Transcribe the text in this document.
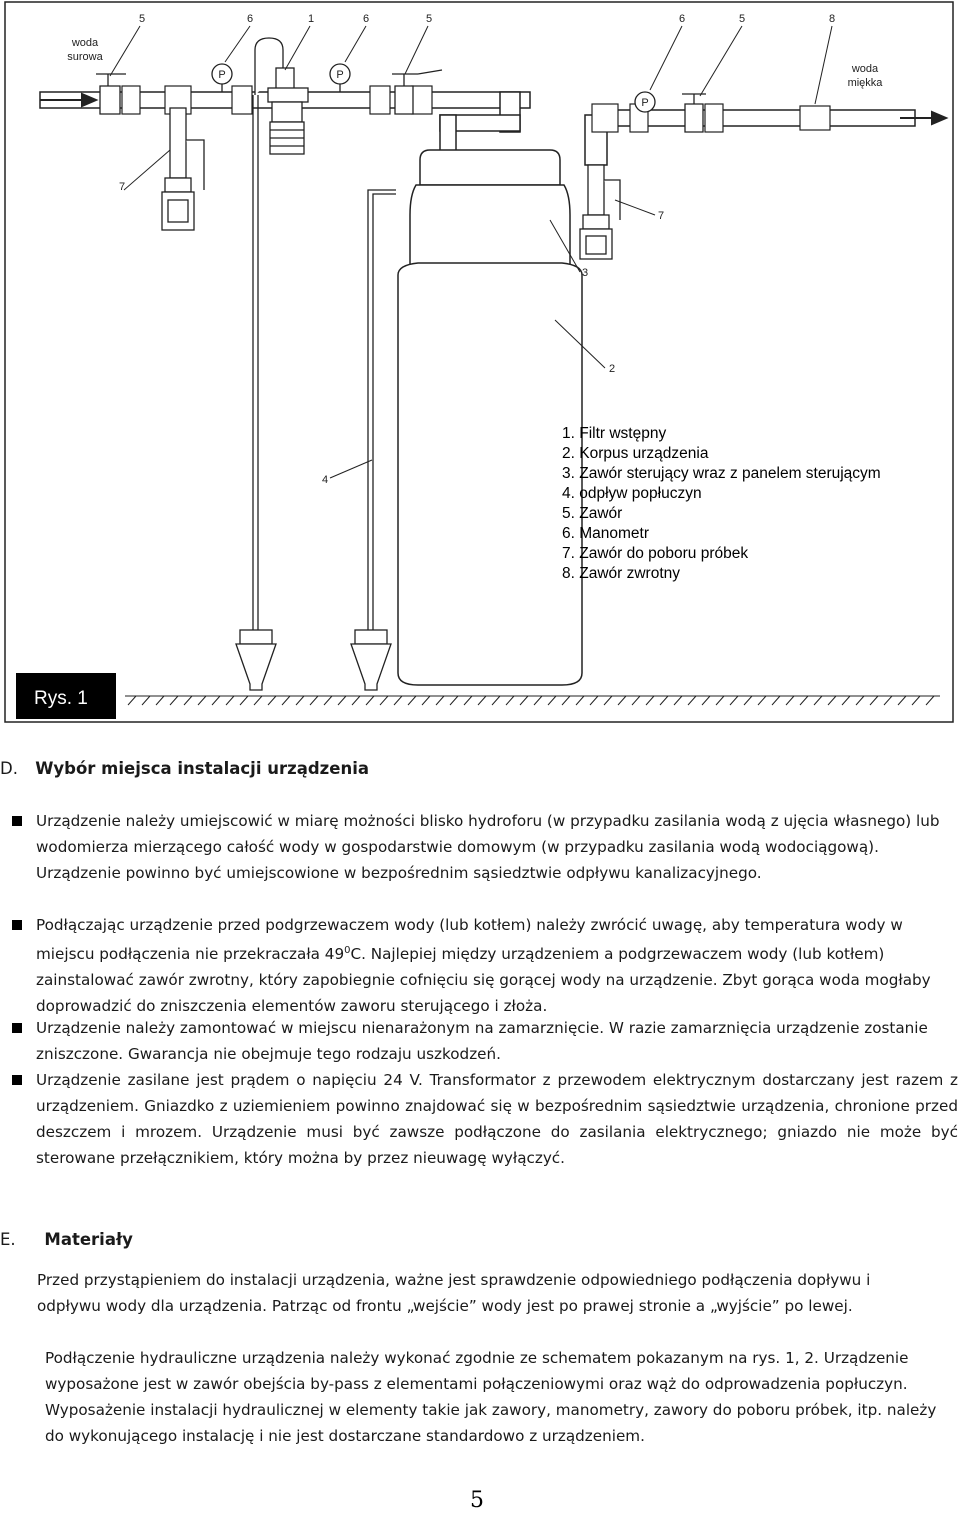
P	P
P
5	6	1	6	5	6	5	8
7
7
3
2
4
woda
surowa
woda
miękka
1. Filtr wstępny
2. Korpus urządzenia
3. Zawór sterujący wraz z panelem sterującym
4. odpływ popłuczyn
5. Zawór
6. Manometr
7. Zawór do poboru próbek
8. Zawór zwrotny
Rys. 1
D. Wybór miejsca instalacji urządzenia
Urządzenie należy umiejscowić w miarę możności blisko hydroforu (w przypadku zasilania wodą z ujęcia własnego) lub wodomierza mierzącego całość wody w gospodarstwie domowym (w przypadku zasilania wodą wodociągową). Urządzenie powinno być umiejscowione w bezpośrednim sąsiedztwie odpływu kanalizacyjnego.
Podłączając urządzenie przed podgrzewaczem wody (lub kotłem) należy zwrócić uwagę, aby temperatura wody w miejscu podłączenia nie przekraczała $49^0C$. Najlepiej między urządzeniem a podgrzewaczem wody (lub kotłem) zainstalować zawór zwrotny, który zapobiegnie cofnięciu się gorącej wody na urządzenie. Zbyt gorąca woda mogłaby doprowadzić do zniszczenia elementów zaworu sterującego i złoża.
Urządzenie należy zamontować w miejscu nienarażonym na zamarznięcie. W razie zamarznięcia urządzenie zostanie zniszczone. Gwarancja nie obejmuje tego rodzaju uszkodzeń.
Urządzenie zasilane jest prądem o napięciu 24 V. Transformator z przewodem elektrycznym dostarczany jest razem z urządzeniem. Gniazdko z uziemieniem powinno znajdować się w bezpośrednim sąsiedztwie urządzenia, chronione przed deszczem i mrozem. Urządzenie musi być zawsze podłączone do zasilania elektrycznego; gniazdo nie może być sterowane przełącznikiem, który można by przez nieuwagę wyłączyć.
E. Materiały
Przed przystąpieniem do instalacji urządzenia, ważne jest sprawdzenie odpowiedniego podłączenia dopływu i odpływu wody dla urządzenia. Patrząc od frontu „wejście” wody jest po prawej stronie a „wyjście” po lewej.
Podłączenie hydrauliczne urządzenia należy wykonać zgodnie ze schematem pokazanym na rys. 1, 2. Urządzenie wyposażone jest w zawór obejścia by-pass z elementami połączeniowymi oraz wąż do odprowadzenia popłuczyn. Wyposażenie instalacji hydraulicznej w elementy takie jak zawory, manometry, zawory do poboru próbek, itp. należy do wykonującego instalację i nie jest dostarczane standardowo z urządzeniem.
5
